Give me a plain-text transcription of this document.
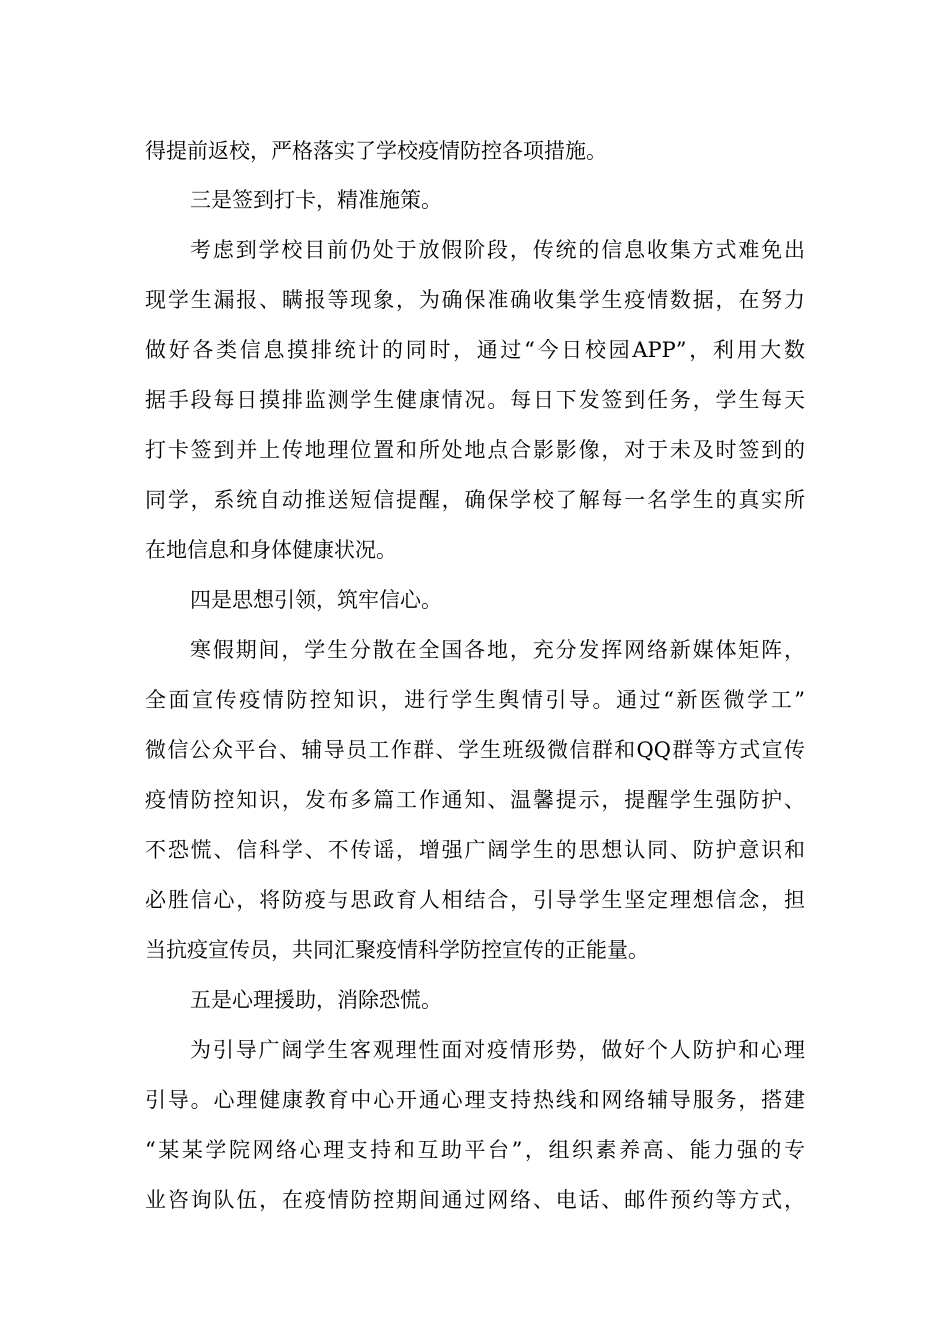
得提前返校，严格落实了学校疫情防控各项措施。
三是签到打卡，精准施策。
考虑到学校目前仍处于放假阶段，传统的信息收集方式难免出
现学生漏报、瞒报等现象，为确保准确收集学生疫情数据，在努力
做好各类信息摸排统计的同时，通过“今日校园APP”，利用大数
据手段每日摸排监测学生健康情况。每日下发签到任务，学生每天
打卡签到并上传地理位置和所处地点合影影像，对于未及时签到的
同学，系统自动推送短信提醒，确保学校了解每一名学生的真实所
在地信息和身体健康状况。
四是思想引领，筑牢信心。
寒假期间，学生分散在全国各地，充分发挥网络新媒体矩阵，
全面宣传疫情防控知识，进行学生舆情引导。通过“新医微学工”
微信公众平台、辅导员工作群、学生班级微信群和QQ群等方式宣传
疫情防控知识，发布多篇工作通知、温馨提示，提醒学生强防护、
不恐慌、信科学、不传谣，增强广阔学生的思想认同、防护意识和
必胜信心，将防疫与思政育人相结合，引导学生坚定理想信念，担
当抗疫宣传员，共同汇聚疫情科学防控宣传的正能量。
五是心理援助，消除恐慌。
为引导广阔学生客观理性面对疫情形势，做好个人防护和心理
引导。心理健康教育中心开通心理支持热线和网络辅导服务，搭建
“某某学院网络心理支持和互助平台”，组织素养高、能力强的专
业咨询队伍，在疫情防控期间通过网络、电话、邮件预约等方式，
